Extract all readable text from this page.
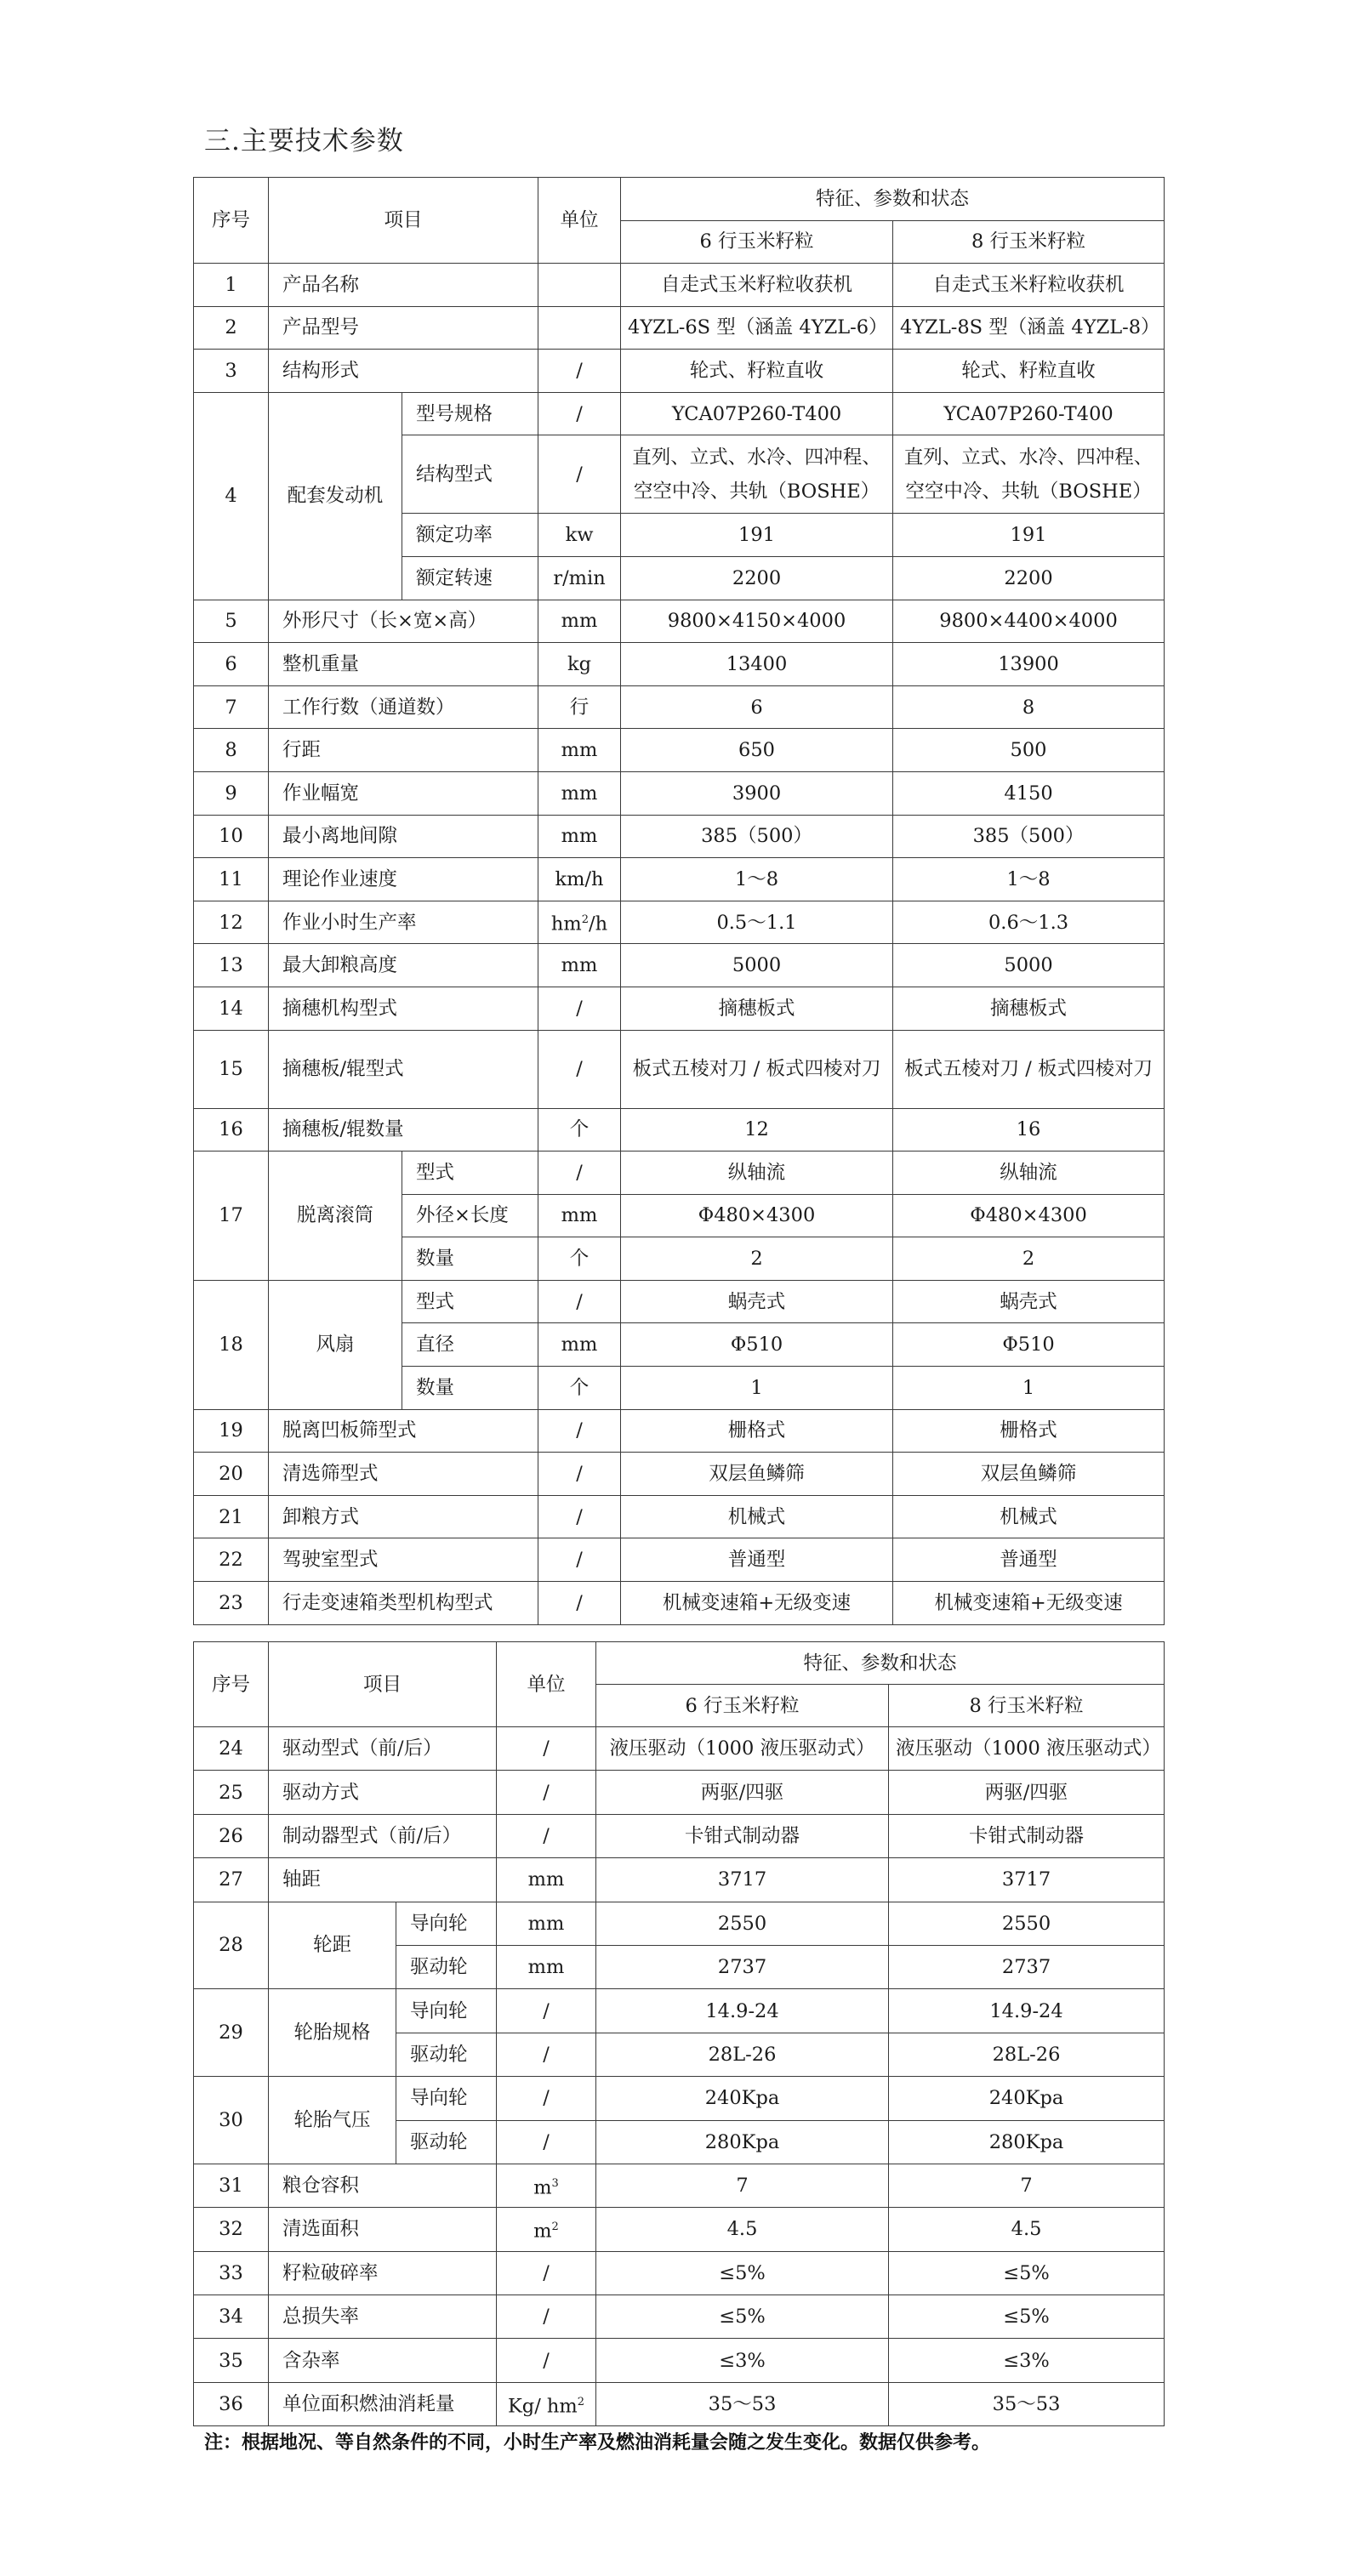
三.主要技术参数
序号	项目		单位	特征、参数和状态	
				6 行玉米籽粒	8 行玉米籽粒
1	产品名称			自走式玉米籽粒收获机	自走式玉米籽粒收获机
2	产品型号			4YZL-6S 型（涵盖 4YZL-6）	4YZL-8S 型（涵盖 4YZL-8）
3	结构形式		/	轮式、籽粒直收	轮式、籽粒直收
4	配套发动机	型号规格	/	YCA07P260-T400	YCA07P260-T400
		结构型式	/	直列、立式、水冷、四冲程、空空中冷、共轨（BOSHE）	直列、立式、水冷、四冲程、空空中冷、共轨（BOSHE）
		额定功率	kw	191	191
		额定转速	r/min	2200	2200
5	外形尺寸（长×宽×高）		mm	9800×4150×4000	9800×4400×4000
6	整机重量		kg	13400	13900
7	工作行数（通道数）		行	6	8
8	行距		mm	650	500
9	作业幅宽		mm	3900	4150
10	最小离地间隙		mm	385（500）	385（500）
11	理论作业速度		km/h	1～8	1～8
12	作业小时生产率		$hm^2/h$	0.5～1.1	0.6～1.3
13	最大卸粮高度		mm	5000	5000
14	摘穗机构型式		/	摘穗板式	摘穗板式
15	摘穗板/辊型式		/	板式五棱对刀 / 板式四棱对刀	板式五棱对刀 / 板式四棱对刀
16	摘穗板/辊数量		个	12	16
17	脱离滚筒	型式	/	纵轴流	纵轴流
		外径×长度	mm	Φ480×4300	Φ480×4300
		数量	个	2	2
18	风扇	型式	/	蜗壳式	蜗壳式
		直径	mm	Φ510	Φ510
		数量	个	1	1
19	脱离凹板筛型式		/	栅格式	栅格式
20	清选筛型式		/	双层鱼鳞筛	双层鱼鳞筛
21	卸粮方式		/	机械式	机械式
22	驾驶室型式		/	普通型	普通型
23	行走变速箱类型机构型式		/	机械变速箱+无级变速	机械变速箱+无级变速
序号	项目		单位	特征、参数和状态	
				6 行玉米籽粒	8 行玉米籽粒
24	驱动型式（前/后）		/	液压驱动（1000 液压驱动式）	液压驱动（1000 液压驱动式）
25	驱动方式		/	两驱/四驱	两驱/四驱
26	制动器型式（前/后）		/	卡钳式制动器	卡钳式制动器
27	轴距		mm	3717	3717
28	轮距	导向轮	mm	2550	2550
		驱动轮	mm	2737	2737
29	轮胎规格	导向轮	/	14.9-24	14.9-24
		驱动轮	/	28L-26	28L-26
30	轮胎气压	导向轮	/	240Kpa	240Kpa
		驱动轮	/	280Kpa	280Kpa
31	粮仓容积		$m^3$	7	7
32	清选面积		$m^2$	4.5	4.5
33	籽粒破碎率		/	≤5%	≤5%
34	总损失率		/	≤5%	≤5%
35	含杂率		/	≤3%	≤3%
36	单位面积燃油消耗量		Kg/ $hm^2$	35～53	35～53
注：根据地况、等自然条件的不同，小时生产率及燃油消耗量会随之发生变化。数据仅供参考。
